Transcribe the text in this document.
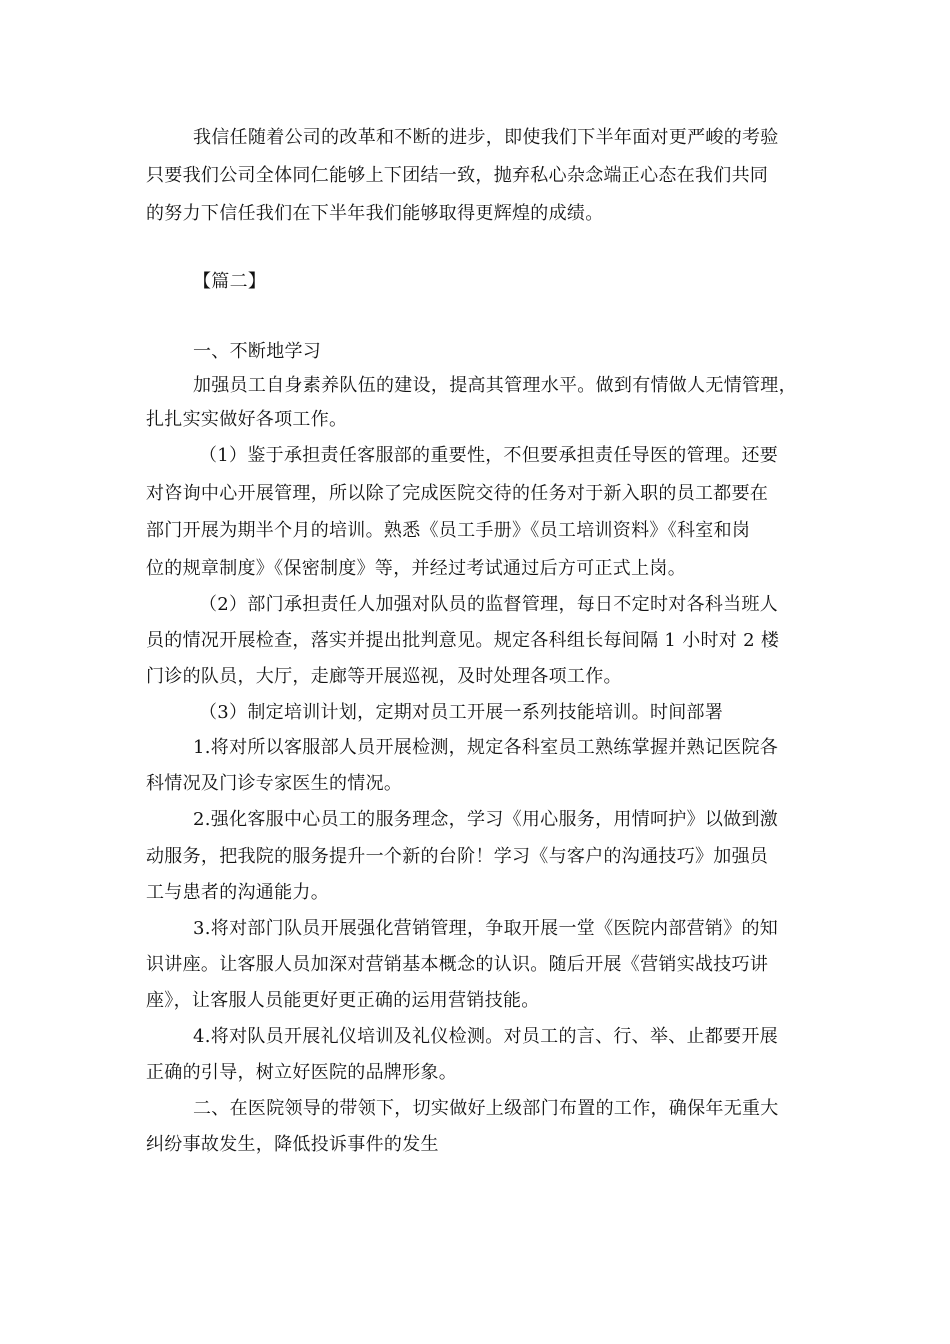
我信任随着公司的改革和不断的进步，即使我们下半年面对更严峻的考验
只要我们公司全体同仁能够上下团结一致，抛弃私心杂念端正心态在我们共同
的努力下信任我们在下半年我们能够取得更辉煌的成绩。
【篇二】
一、不断地学习
加强员工自身素养队伍的建设，提高其管理水平。做到有情做人无情管理，
扎扎实实做好各项工作。
（1）鉴于承担责任客服部的重要性，不但要承担责任导医的管理。还要
对咨询中心开展管理，所以除了完成医院交待的任务对于新入职的员工都要在
部门开展为期半个月的培训。熟悉《员工手册》《员工培训资料》《科室和岗
位的规章制度》《保密制度》等，并经过考试通过后方可正式上岗。
（2）部门承担责任人加强对队员的监督管理，每日不定时对各科当班人
员的情况开展检查，落实并提出批判意见。规定各科组长每间隔 1 小时对 2 楼
门诊的队员，大厅，走廊等开展巡视，及时处理各项工作。
（3）制定培训计划，定期对员工开展一系列技能培训。时间部署
1.将对所以客服部人员开展检测，规定各科室员工熟练掌握并熟记医院各
科情况及门诊专家医生的情况。
2.强化客服中心员工的服务理念，学习《用心服务，用情呵护》以做到激
动服务，把我院的服务提升一个新的台阶！学习《与客户的沟通技巧》加强员
工与患者的沟通能力。
3.将对部门队员开展强化营销管理，争取开展一堂《医院内部营销》的知
识讲座。让客服人员加深对营销基本概念的认识。随后开展《营销实战技巧讲
座》，让客服人员能更好更正确的运用营销技能。
4.将对队员开展礼仪培训及礼仪检测。对员工的言、行、举、止都要开展
正确的引导，树立好医院的品牌形象。
二、在医院领导的带领下，切实做好上级部门布置的工作，确保年无重大
纠纷事故发生，降低投诉事件的发生
